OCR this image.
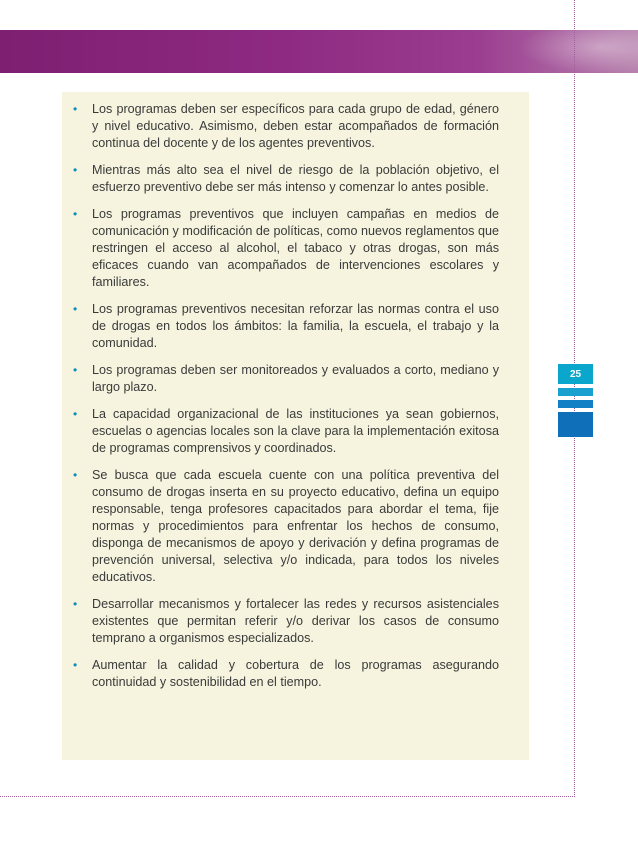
• Los programas deben ser específicos para cada grupo de edad, género y nivel educativo. Asimismo, deben estar acompañados de formación continua del docente y de los agentes preventivos.
• Mientras más alto sea el nivel de riesgo de la población objetivo, el esfuerzo preventivo debe ser más intenso y comenzar lo antes posible.
• Los programas preventivos que incluyen campañas en medios de comunicación y modificación de políticas, como nuevos reglamentos que restringen el acceso al alcohol, el tabaco y otras drogas, son más eficaces cuando van acompañados de intervenciones escolares y familiares.
• Los programas preventivos necesitan reforzar las normas contra el uso de drogas en todos los ámbitos: la familia, la escuela, el trabajo y la comunidad.
• Los programas deben ser monitoreados y evaluados a corto, mediano y largo plazo.
• La capacidad organizacional de las instituciones ya sean gobiernos, escuelas o agencias locales son la clave para la implementación exitosa de programas comprensivos y coordinados.
• Se busca que cada escuela cuente con una política preventiva del consumo de drogas inserta en su proyecto educativo, defina un equipo responsable, tenga profesores capacitados para abordar el tema, fije normas y procedimientos para enfrentar los hechos de consumo, disponga de mecanismos de apoyo y derivación y defina programas de prevención universal, selectiva y/o indicada, para todos los niveles educativos.
• Desarrollar mecanismos y fortalecer las redes y recursos asistenciales existentes que permitan referir y/o derivar los casos de consumo temprano a organismos especializados.
• Aumentar la calidad y cobertura de los programas asegurando continuidad y sostenibilidad en el tiempo.
25
